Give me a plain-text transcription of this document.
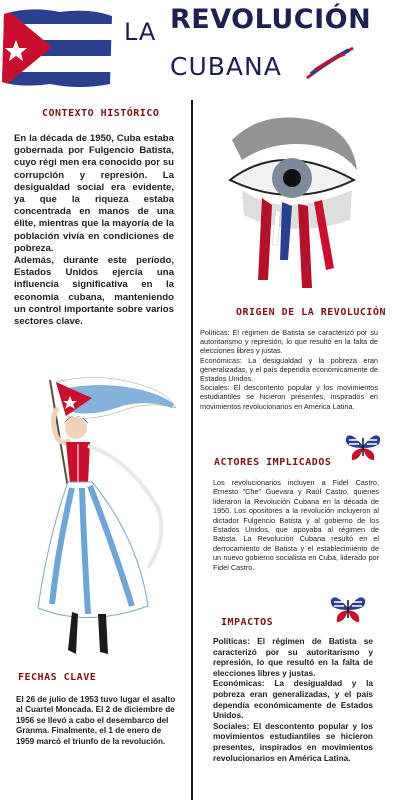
LA REVOLUCIÓN
CUBANA
CONTEXTO HISTÓRICO

En la década de 1950, Cuba estaba gobernada por Fulgencio Batista, cuyo régi men era conocido por su corrupción y represión. La desigualdad social era evidente, ya que la riqueza estaba concentrada en manos de una élite, mientras que la mayoría de la población vivía en condiciones de pobreza.

Además, durante este período, Estados Unidos ejercía una influencia significativa en la economía cubana, manteniendo un control importante sobre varios sectores clave.

ORIGEN DE LA REVOLUCIÓN

Políticas: El régimen de Batista se caracterizó por su autoritarismo y represión, lo que resultó en la falta de elecciones libres y justas.

Económicas: La desigualdad y la pobreza eran generalizadas, y el país dependía económicamente de Estados Unidos.

Sociales: El descontento popular y los movimientos estudiantiles se hicieron presentes, inspirados en movimientos revolucionarios en América Latina.

ACTORES IMPLICADOS
Los revolucionarios incluyen a Fidel Castro, Ernesto "Che" Guevara y Raúl Castro, quienes lideraron la Revolución Cubana en la década de 1950. Los opositores a la revolución incluyeron al dictador Fulgencio Batista y al gobierno de los Estados Unidos, que apoyaba al régimen de Batista. La Revolución Cubana resultó en el derrocamiento de Batista y el establecimiento de un nuevo gobierno socialista en Cuba, liderado por Fidel Castro.
IMPACTOS

Políticas: El régimen de Batista se caracterizó por su autoritarismo y represión, lo que resultó en la falta de elecciones libres y justas.

Económicas: La desigualdad y la pobreza eran generalizadas, y el país dependía económicamente de Estados Unidos.

Sociales: El descontento popular y los movimientos estudiantiles se hicieron presentes, inspirados en movimientos revolucionarios en América Latina.

FECHAS CLAVE

El 26 de julio de 1953 tuvo lugar el asalto al Cuartel Moncada. El 2 de diciembre de

1956 se llevó a cabo el desembarco del Granma. Finalmente, el 1 de enero de 1959 marcó el triunfo de la revolución.
